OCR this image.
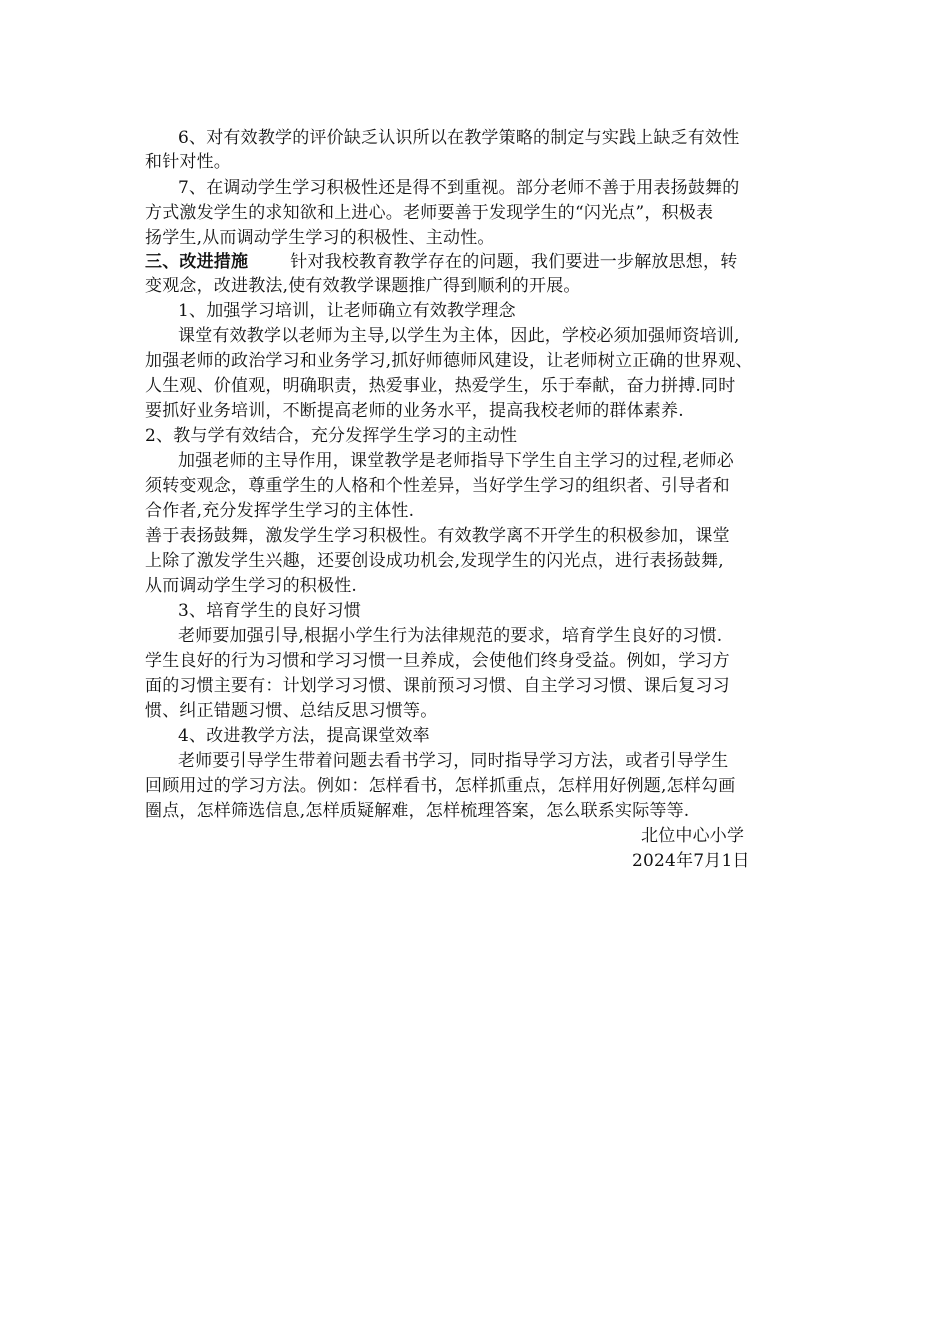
6、对有效教学的评价缺乏认识所以在教学策略的制定与实践上缺乏有效性
和针对性。
7、在调动学生学习积极性还是得不到重视。部分老师不善于用表扬鼓舞的
方式激发学生的求知欲和上进心。老师要善于发现学生的“闪光点”，积极表
扬学生,从而调动学生学习的积极性、主动性。
三、改进措施 针对我校教育教学存在的问题，我们要进一步解放思想，转
变观念，改进教法,使有效教学课题推广得到顺利的开展。
1、加强学习培训，让老师确立有效教学理念
课堂有效教学以老师为主导,以学生为主体，因此，学校必须加强师资培训,
加强老师的政治学习和业务学习,抓好师德师风建设，让老师树立正确的世界观、
人生观、价值观，明确职责，热爱事业，热爱学生，乐于奉献，奋力拼搏.同时
要抓好业务培训，不断提高老师的业务水平，提高我校老师的群体素养.
2、教与学有效结合，充分发挥学生学习的主动性
加强老师的主导作用，课堂教学是老师指导下学生自主学习的过程,老师必
须转变观念，尊重学生的人格和个性差异，当好学生学习的组织者、引导者和
合作者,充分发挥学生学习的主体性.
善于表扬鼓舞，激发学生学习积极性。有效教学离不开学生的积极参加，课堂
上除了激发学生兴趣，还要创设成功机会,发现学生的闪光点，进行表扬鼓舞,
从而调动学生学习的积极性.
3、培育学生的良好习惯
老师要加强引导,根据小学生行为法律规范的要求，培育学生良好的习惯.
学生良好的行为习惯和学习习惯一旦养成，会使他们终身受益。例如，学习方
面的习惯主要有：计划学习习惯、课前预习习惯、自主学习习惯、课后复习习
惯、纠正错题习惯、总结反思习惯等。
4、改进教学方法，提高课堂效率
老师要引导学生带着问题去看书学习，同时指导学习方法，或者引导学生
回顾用过的学习方法。例如：怎样看书，怎样抓重点，怎样用好例题,怎样勾画
圈点，怎样筛选信息,怎样质疑解难，怎样梳理答案，怎么联系实际等等.
北位中心小学
2024年7月1日
